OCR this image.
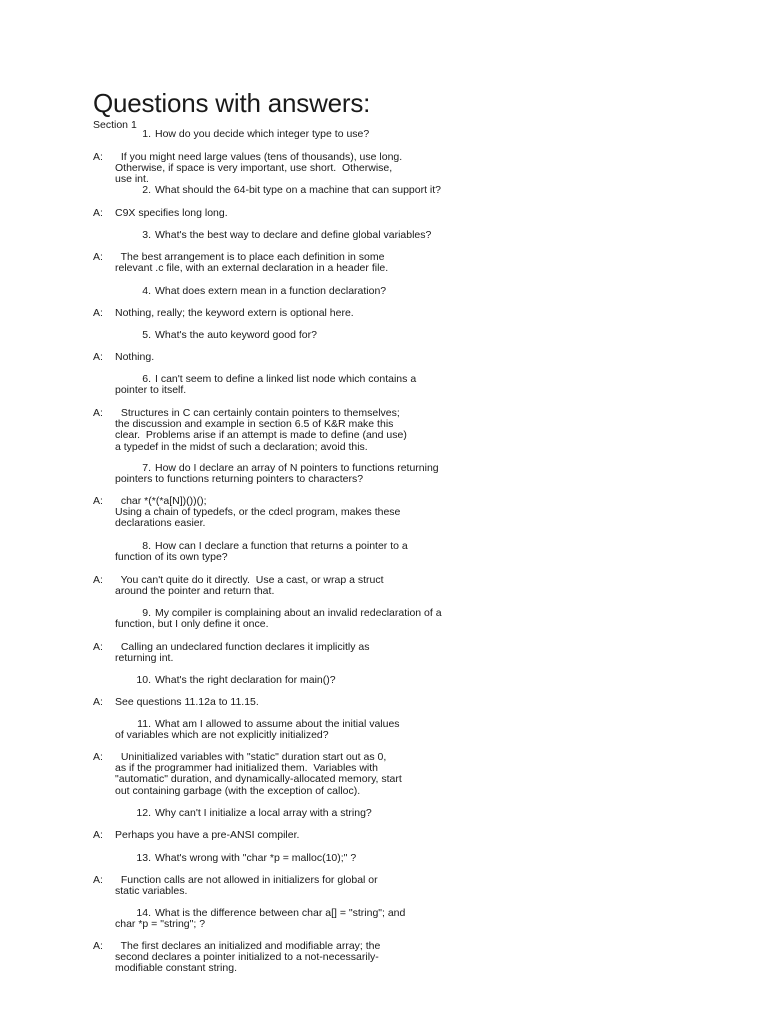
Questions with answers:
Section 1
1. How do you decide which integer type to use?
A: If you might need large values (tens of thousands), use long.
Otherwise, if space is very important, use short.  Otherwise,
use int.
2. What should the 64-bit type on a machine that can support it?
A: C9X specifies long long.
3. What's the best way to declare and define global variables?
A: The best arrangement is to place each definition in some
relevant .c file, with an external declaration in a header file.
4. What does extern mean in a function declaration?
A: Nothing, really; the keyword extern is optional here.
5. What's the auto keyword good for?
A: Nothing.
6. I can't seem to define a linked list node which contains a
pointer to itself.
A: Structures in C can certainly contain pointers to themselves;
the discussion and example in section 6.5 of K&R make this
clear.  Problems arise if an attempt is made to define (and use)
a typedef in the midst of such a declaration; avoid this.
7. How do I declare an array of N pointers to functions returning
pointers to functions returning pointers to characters?
A: char *(*(*a[N])())();
Using a chain of typedefs, or the cdecl program, makes these
declarations easier.
8. How can I declare a function that returns a pointer to a
function of its own type?
A: You can't quite do it directly.  Use a cast, or wrap a struct
around the pointer and return that.
9. My compiler is complaining about an invalid redeclaration of a
function, but I only define it once.
A: Calling an undeclared function declares it implicitly as
returning int.
10. What's the right declaration for main()?
A: See questions 11.12a to 11.15.
11. What am I allowed to assume about the initial values
of variables which are not explicitly initialized?
A: Uninitialized variables with "static" duration start out as 0,
as if the programmer had initialized them.  Variables with
"automatic" duration, and dynamically-allocated memory, start
out containing garbage (with the exception of calloc).
12. Why can't I initialize a local array with a string?
A: Perhaps you have a pre-ANSI compiler.
13. What's wrong with "char *p = malloc(10);" ?
A: Function calls are not allowed in initializers for global or
static variables.
14. What is the difference between char a[] = "string"; and
char *p = "string"; ?
A: The first declares an initialized and modifiable array; the
second declares a pointer initialized to a not-necessarily-
modifiable constant string.
